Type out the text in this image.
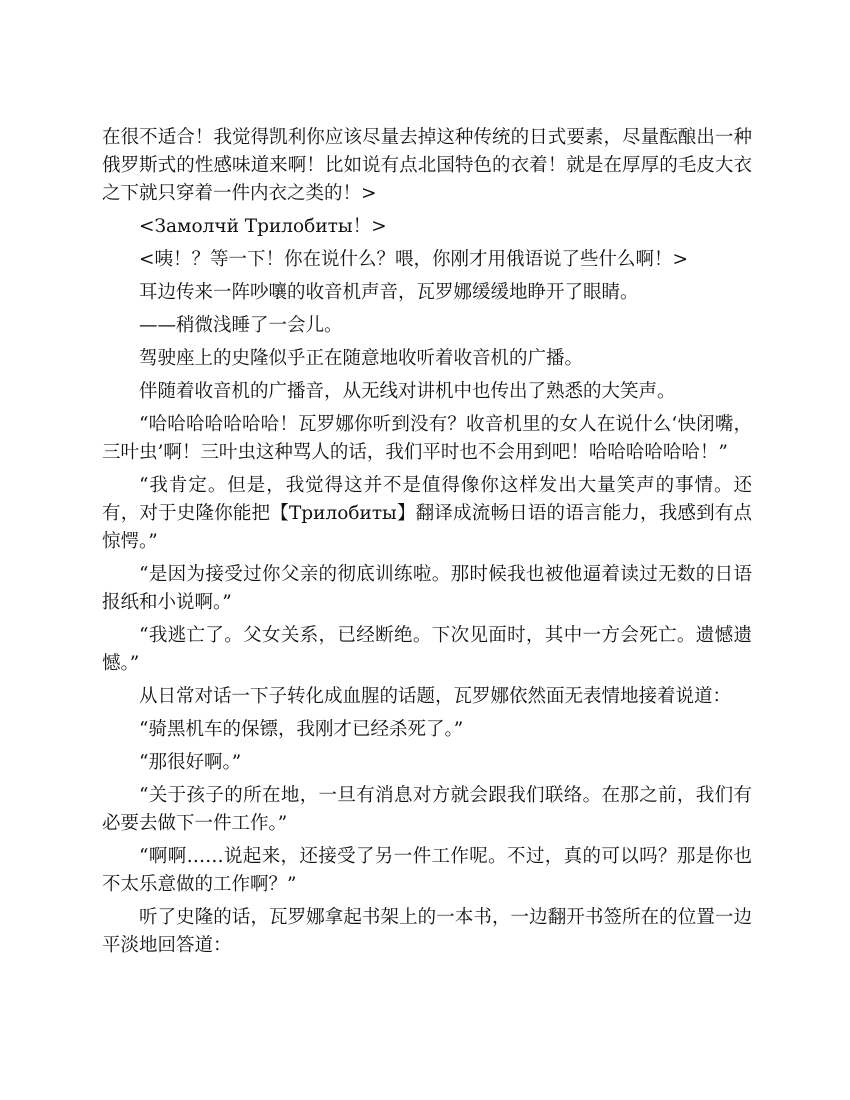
在很不适合！我觉得凯利你应该尽量去掉这种传统的日式要素，尽量酝酿出一种俄罗斯式的性感味道来啊！比如说有点北国特色的衣着！就是在厚厚的毛皮大衣之下就只穿着一件内衣之类的！>

<Замолчй Трилобиты！>

<咦！？等一下！你在说什么？喂，你刚才用俄语说了些什么啊！>

耳边传来一阵吵嚷的收音机声音，瓦罗娜缓缓地睁开了眼睛。

——稍微浅睡了一会儿。

驾驶座上的史隆似乎正在随意地收听着收音机的广播。

伴随着收音机的广播音，从无线对讲机中也传出了熟悉的大笑声。

“哈哈哈哈哈哈哈！瓦罗娜你听到没有？收音机里的女人在说什么‘快闭嘴，三叶虫’啊！三叶虫这种骂人的话，我们平时也不会用到吧！哈哈哈哈哈哈！”

“我肯定。但是，我觉得这并不是值得像你这样发出大量笑声的事情。还有，对于史隆你能把【Трилобиты】翻译成流畅日语的语言能力，我感到有点惊愕。”

“是因为接受过你父亲的彻底训练啦。那时候我也被他逼着读过无数的日语报纸和小说啊。”

“我逃亡了。父女关系，已经断绝。下次见面时，其中一方会死亡。遗憾遗憾。”

从日常对话一下子转化成血腥的话题，瓦罗娜依然面无表情地接着说道：

“骑黑机车的保镖，我刚才已经杀死了。”

“那很好啊。”

“关于孩子的所在地，一旦有消息对方就会跟我们联络。在那之前，我们有必要去做下一件工作。”

“啊啊……说起来，还接受了另一件工作呢。不过，真的可以吗？那是你也不太乐意做的工作啊？”

听了史隆的话，瓦罗娜拿起书架上的一本书，一边翻开书签所在的位置一边平淡地回答道：
